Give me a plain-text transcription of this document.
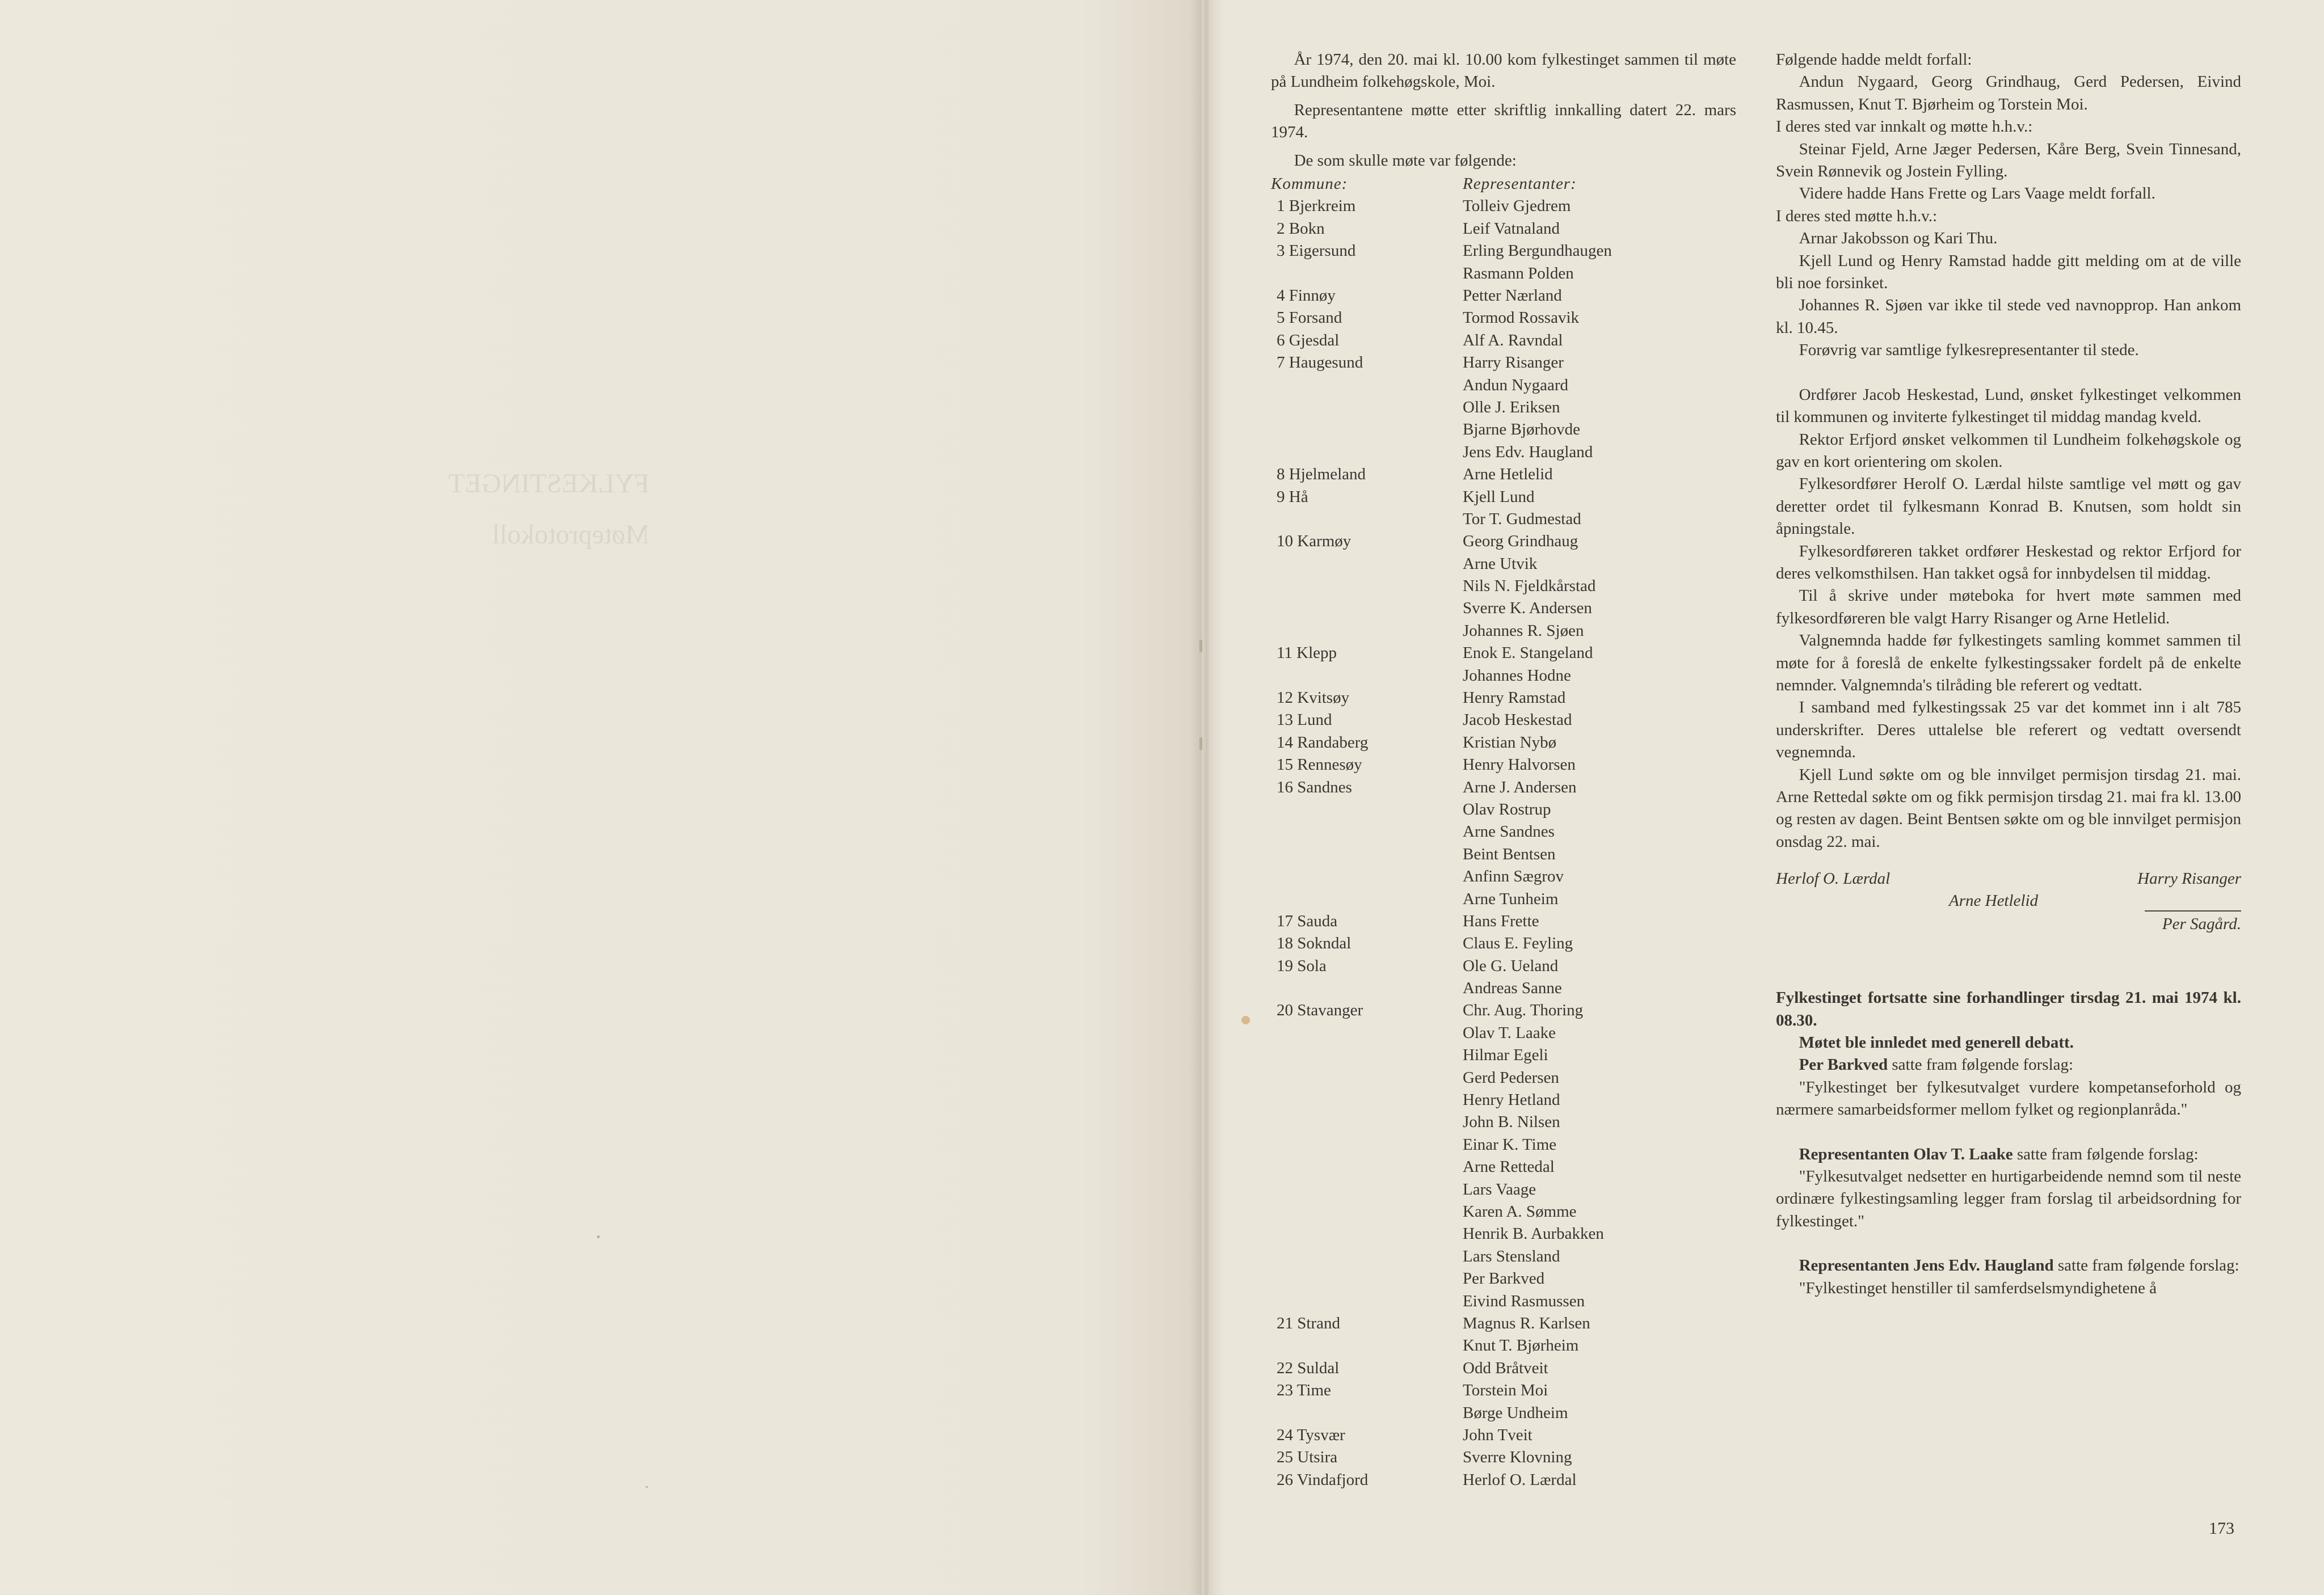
FYLKESTINGET
Møteprotokoll

År 1974, den 20. mai kl. 10.00 kom fylkestinget sammen til møte på Lundheim folkehøgskole, Moi.

Representantene møtte etter skriftlig innkalling datert 22. mars 1974.

De som skulle møte var følgende:

Kommune:	Representanter:
1 Bjerkreim	Tolleiv Gjedrem
2 Bokn	Leif Vatnaland
3 Eigersund	Erling Bergundhaugen
Rasmann Polden
4 Finnøy	Petter Nærland
5 Forsand	Tormod Rossavik
6 Gjesdal	Alf A. Ravndal
7 Haugesund	Harry Risanger
Andun Nygaard
Olle J. Eriksen
Bjarne Bjørhovde
Jens Edv. Haugland
8 Hjelmeland	Arne Hetlelid
9 Hå	Kjell Lund
Tor T. Gudmestad
10 Karmøy	Georg Grindhaug
Arne Utvik
Nils N. Fjeldkårstad
Sverre K. Andersen
Johannes R. Sjøen
11 Klepp	Enok E. Stangeland
Johannes Hodne
12 Kvitsøy	Henry Ramstad
13 Lund	Jacob Heskestad
14 Randaberg	Kristian Nybø
15 Rennesøy	Henry Halvorsen
16 Sandnes	Arne J. Andersen
Olav Rostrup
Arne Sandnes
Beint Bentsen
Anfinn Sægrov
Arne Tunheim
17 Sauda	Hans Frette
18 Sokndal	Claus E. Feyling
19 Sola	Ole G. Ueland
Andreas Sanne
20 Stavanger	Chr. Aug. Thoring
Olav T. Laake
Hilmar Egeli
Gerd Pedersen
Henry Hetland
John B. Nilsen
Einar K. Time
Arne Rettedal
Lars Vaage
Karen A. Sømme
Henrik B. Aurbakken
Lars Stensland
Per Barkved
Eivind Rasmussen
21 Strand	Magnus R. Karlsen
Knut T. Bjørheim
22 Suldal	Odd Bråtveit
23 Time	Torstein Moi
Børge Undheim
24 Tysvær	John Tveit
25 Utsira	Sverre Klovning
26 Vindafjord	Herlof O. Lærdal

Følgende hadde meldt forfall:

Andun Nygaard, Georg Grindhaug, Gerd Pedersen, Eivind Rasmussen, Knut T. Bjørheim og Torstein Moi.

I deres sted var innkalt og møtte h.h.v.:

Steinar Fjeld, Arne Jæger Pedersen, Kåre Berg, Svein Tinnesand, Svein Rønnevik og Jostein Fylling.

Videre hadde Hans Frette og Lars Vaage meldt forfall.

I deres sted møtte h.h.v.:

Arnar Jakobsson og Kari Thu.

Kjell Lund og Henry Ramstad hadde gitt melding om at de ville bli noe forsinket.

Johannes R. Sjøen var ikke til stede ved navnopprop. Han ankom kl. 10.45.

Forøvrig var samtlige fylkesrepresentanter til stede.

Ordfører Jacob Heskestad, Lund, ønsket fylkestinget velkommen til kommunen og inviterte fylkestinget til middag mandag kveld.

Rektor Erfjord ønsket velkommen til Lundheim folkehøgskole og gav en kort orientering om skolen.

Fylkesordfører Herolf O. Lærdal hilste samtlige vel møtt og gav deretter ordet til fylkesmann Konrad B. Knutsen, som holdt sin åpningstale.

Fylkesordføreren takket ordfører Heskestad og rektor Erfjord for deres velkomsthilsen. Han takket også for innbydelsen til middag.

Til å skrive under møteboka for hvert møte sammen med fylkesordføreren ble valgt Harry Risanger og Arne Hetlelid.

Valgnemnda hadde før fylkestingets samling kommet sammen til møte for å foreslå de enkelte fylkestingssaker fordelt på de enkelte nemnder. Valgnemnda's tilråding ble referert og vedtatt.

I samband med fylkestingssak 25 var det kommet inn i alt 785 underskrifter. Deres uttalelse ble referert og vedtatt oversendt vegnemnda.

Kjell Lund søkte om og ble innvilget permisjon tirsdag 21. mai. Arne Rettedal søkte om og fikk permisjon tirsdag 21. mai fra kl. 13.00 og resten av dagen. Beint Bentsen søkte om og ble innvilget permisjon onsdag 22. mai.

Herlof O. Lærdal	Harry Risanger
Arne Hetlelid
Per Sagård.

Fylkestinget fortsatte sine forhandlinger tirsdag 21. mai 1974 kl. 08.30.

Møtet ble innledet med generell debatt.

Per Barkved satte fram følgende forslag:

"Fylkestinget ber fylkesutvalget vurdere kompetanseforhold og nærmere samarbeidsformer mellom fylket og regionplanråda."

Representanten Olav T. Laake satte fram følgende forslag:

"Fylkesutvalget nedsetter en hurtigarbeidende nemnd som til neste ordinære fylkestingsamling legger fram forslag til arbeidsordning for fylkestinget."

Representanten Jens Edv. Haugland satte fram følgende forslag:

"Fylkestinget henstiller til samferdselsmyndighetene å

173
